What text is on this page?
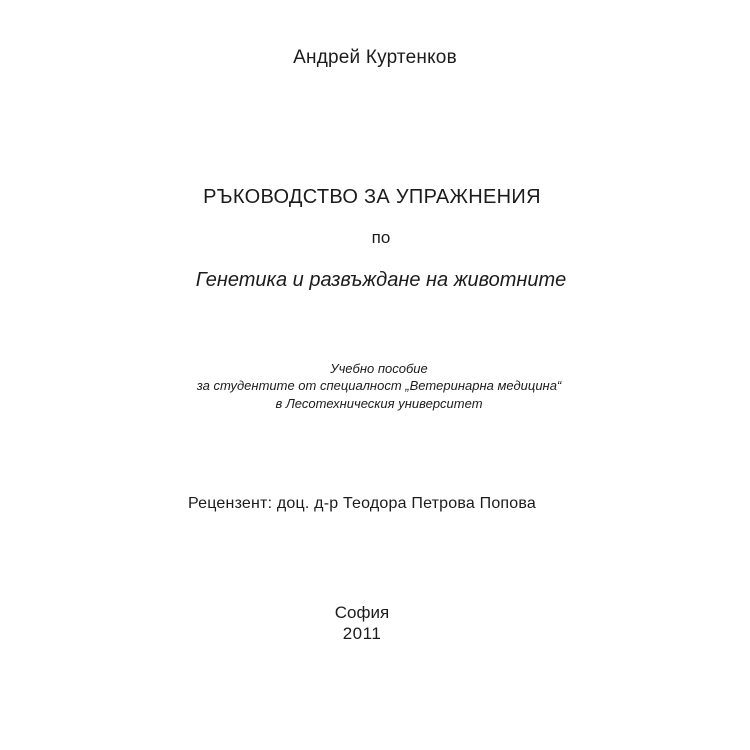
Андрей Куртенков
РЪКОВОДСТВО ЗА УПРАЖНЕНИЯ
по
Генетика и развъждане на животните
Учебно пособие
за студентите от специалност „Ветеринарна медицина“
в Лесотехническия университет
Рецензент: доц. д-р Теодора Петрова Попова
София
2011
